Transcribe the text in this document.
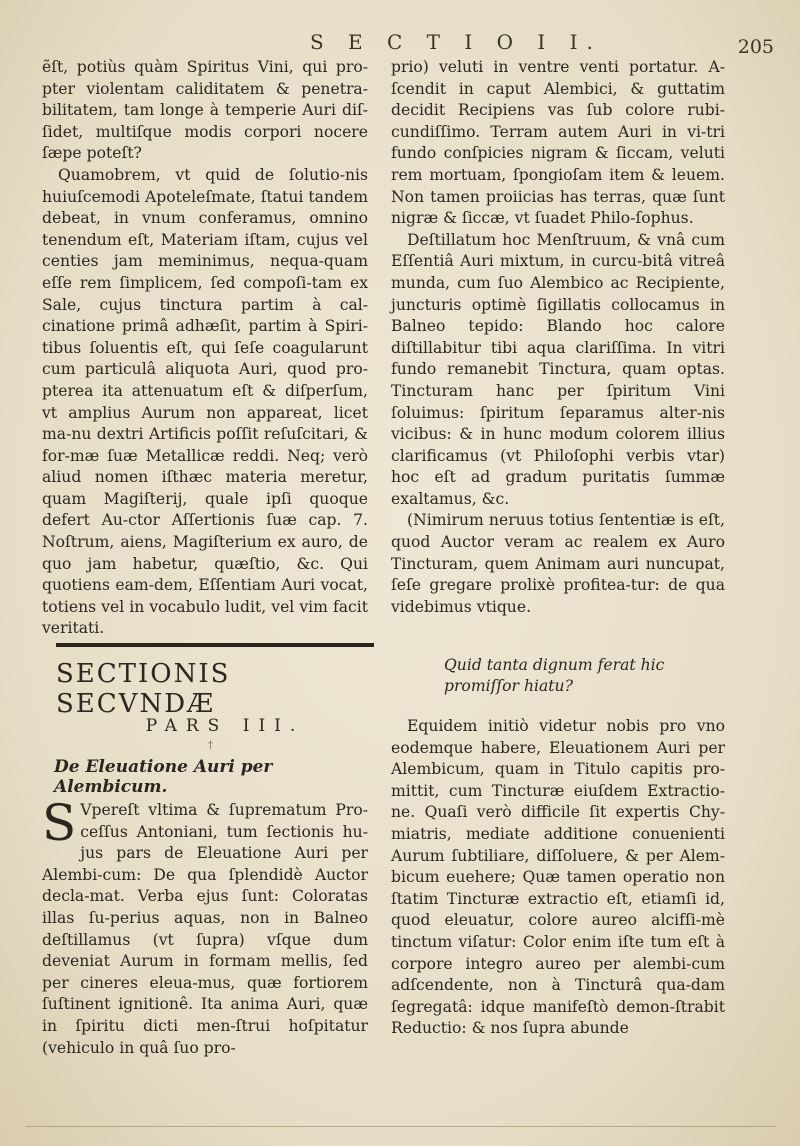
S E C T I O I I.	205

ẽſt, potiùs quàm Spiritus Vini, qui pro-pter violentam caliditatem & penetra-bilitatem, tam longe à temperie Auri diſ-ſidet, multiſque modis corpori nocere ſæpe poteſt?

Quamobrem, vt quid de ſolutio-nis huiuſcemodi Apoteleſmate, ſtatui tandem debeat, in vnum conferamus, omnino tenendum eſt, Materiam iſtam, cujus vel centies jam meminimus, nequa-quam eſſe rem ſimplicem, ſed compoſi-tam ex Sale, cujus tinctura partim à cal-cinatione primâ adhæſit, partim à Spiri-tibus ſoluentis eſt, qui ſeſe coagularunt cum particulâ aliquota Auri, quod pro-pterea ita attenuatum eſt & diſperſum, vt amplius Aurum non appareat, licet ma-nu dextri Artificis poſſit reſuſcitari, & for-mæ ſuæ Metallicæ reddi. Neq; verò aliud nomen iſthæc materia meretur, quam Magiſterij, quale ipſi quoque defert Au-ctor Aſſertionis ſuæ cap. 7. Noſtrum, aiens, Magiſterium ex auro, de quo jam habetur, quæſtio, &c. Qui quotiens eam-dem, Eſſentiam Auri vocat, totiens vel in vocabulo ludit, vel vim facit veritati.

SECTIONIS SECVNDÆ
PARS III.
†
De Eleuatione Auri per Alembicum.
S Vpereſt vltima & ſuprematum Pro-ceſſus Antoniani, tum ſectionis hu-jus pars de Eleuatione Auri per Alembi-cum: De qua ſplendidè Auctor decla-mat. Verba ejus ſunt: Coloratas illas ſu-perius aquas, non in Balneo deſtillamus (vt ſupra) vſque dum deveniat Aurum in formam mellis, ſed per cineres eleua-mus, quæ fortiorem ſuſtinent ignitionê. Ita anima Auri, quæ in ſpiritu dicti men-ſtrui hoſpitatur (vehiculo in quâ ſuo pro-

prio) veluti in ventre venti portatur. A-ſcendit in caput Alembici, & guttatim decidit Recipiens vas ſub colore rubi-cundiſſimo. Terram autem Auri in vi-tri fundo conſpicies nigram & ſiccam, veluti rem mortuam, ſpongioſam item & leuem. Non tamen proiicias has terras, quæ ſunt nigræ & ſiccæ, vt ſuadet Philo-ſophus.

Deſtillatum hoc Menſtruum, & vnâ cum Eſſentiâ Auri mixtum, in curcu-bitâ vitreâ munda, cum ſuo Alembico ac Recipiente, juncturis optimè ſigillatis collocamus in Balneo tepido: Blando hoc calore diſtillabitur tibi aqua clariſſima. In vitri fundo remanebit Tinctura, quam optas. Tincturam hanc per ſpiritum Vini ſoluimus: ſpiritum ſeparamus alter-nis vicibus: & in hunc modum colorem illius clarificamus (vt Philoſophi verbis vtar) hoc eſt ad gradum puritatis ſummæ exaltamus, &c.

(Nimirum neruus totius ſententiæ is eſt, quod Auctor veram ac realem ex Auro Tincturam, quem Animam auri nuncupat, ſeſe gregare prolixè profitea-tur: de qua videbimus vtique.

Quid tanta dignum ferat hic promiſſor hiatu?

Equidem initiò videtur nobis pro vno eodemque habere, Eleuationem Auri per Alembicum, quam in Titulo capitis pro-mittit, cum Tincturæ eiuſdem Extractio-ne. Quaſi verò difficile ſit expertis Chy-miatris, mediate additione conuenienti Aurum ſubtiliare, diſſoluere, & per Alem-bicum euehere; Quæ tamen operatio non ſtatim Tincturæ extractio eſt, etiamſi id, quod eleuatur, colore aureo alcifſi-mè tinctum viſatur: Color enim iſte tum eſt à corpore integro aureo per alembi-cum adſcendente, non à Tincturâ qua-dam ſegregatâ: idque manifeſtò demon-ſtrabit Reductio: & nos ſupra abunde
